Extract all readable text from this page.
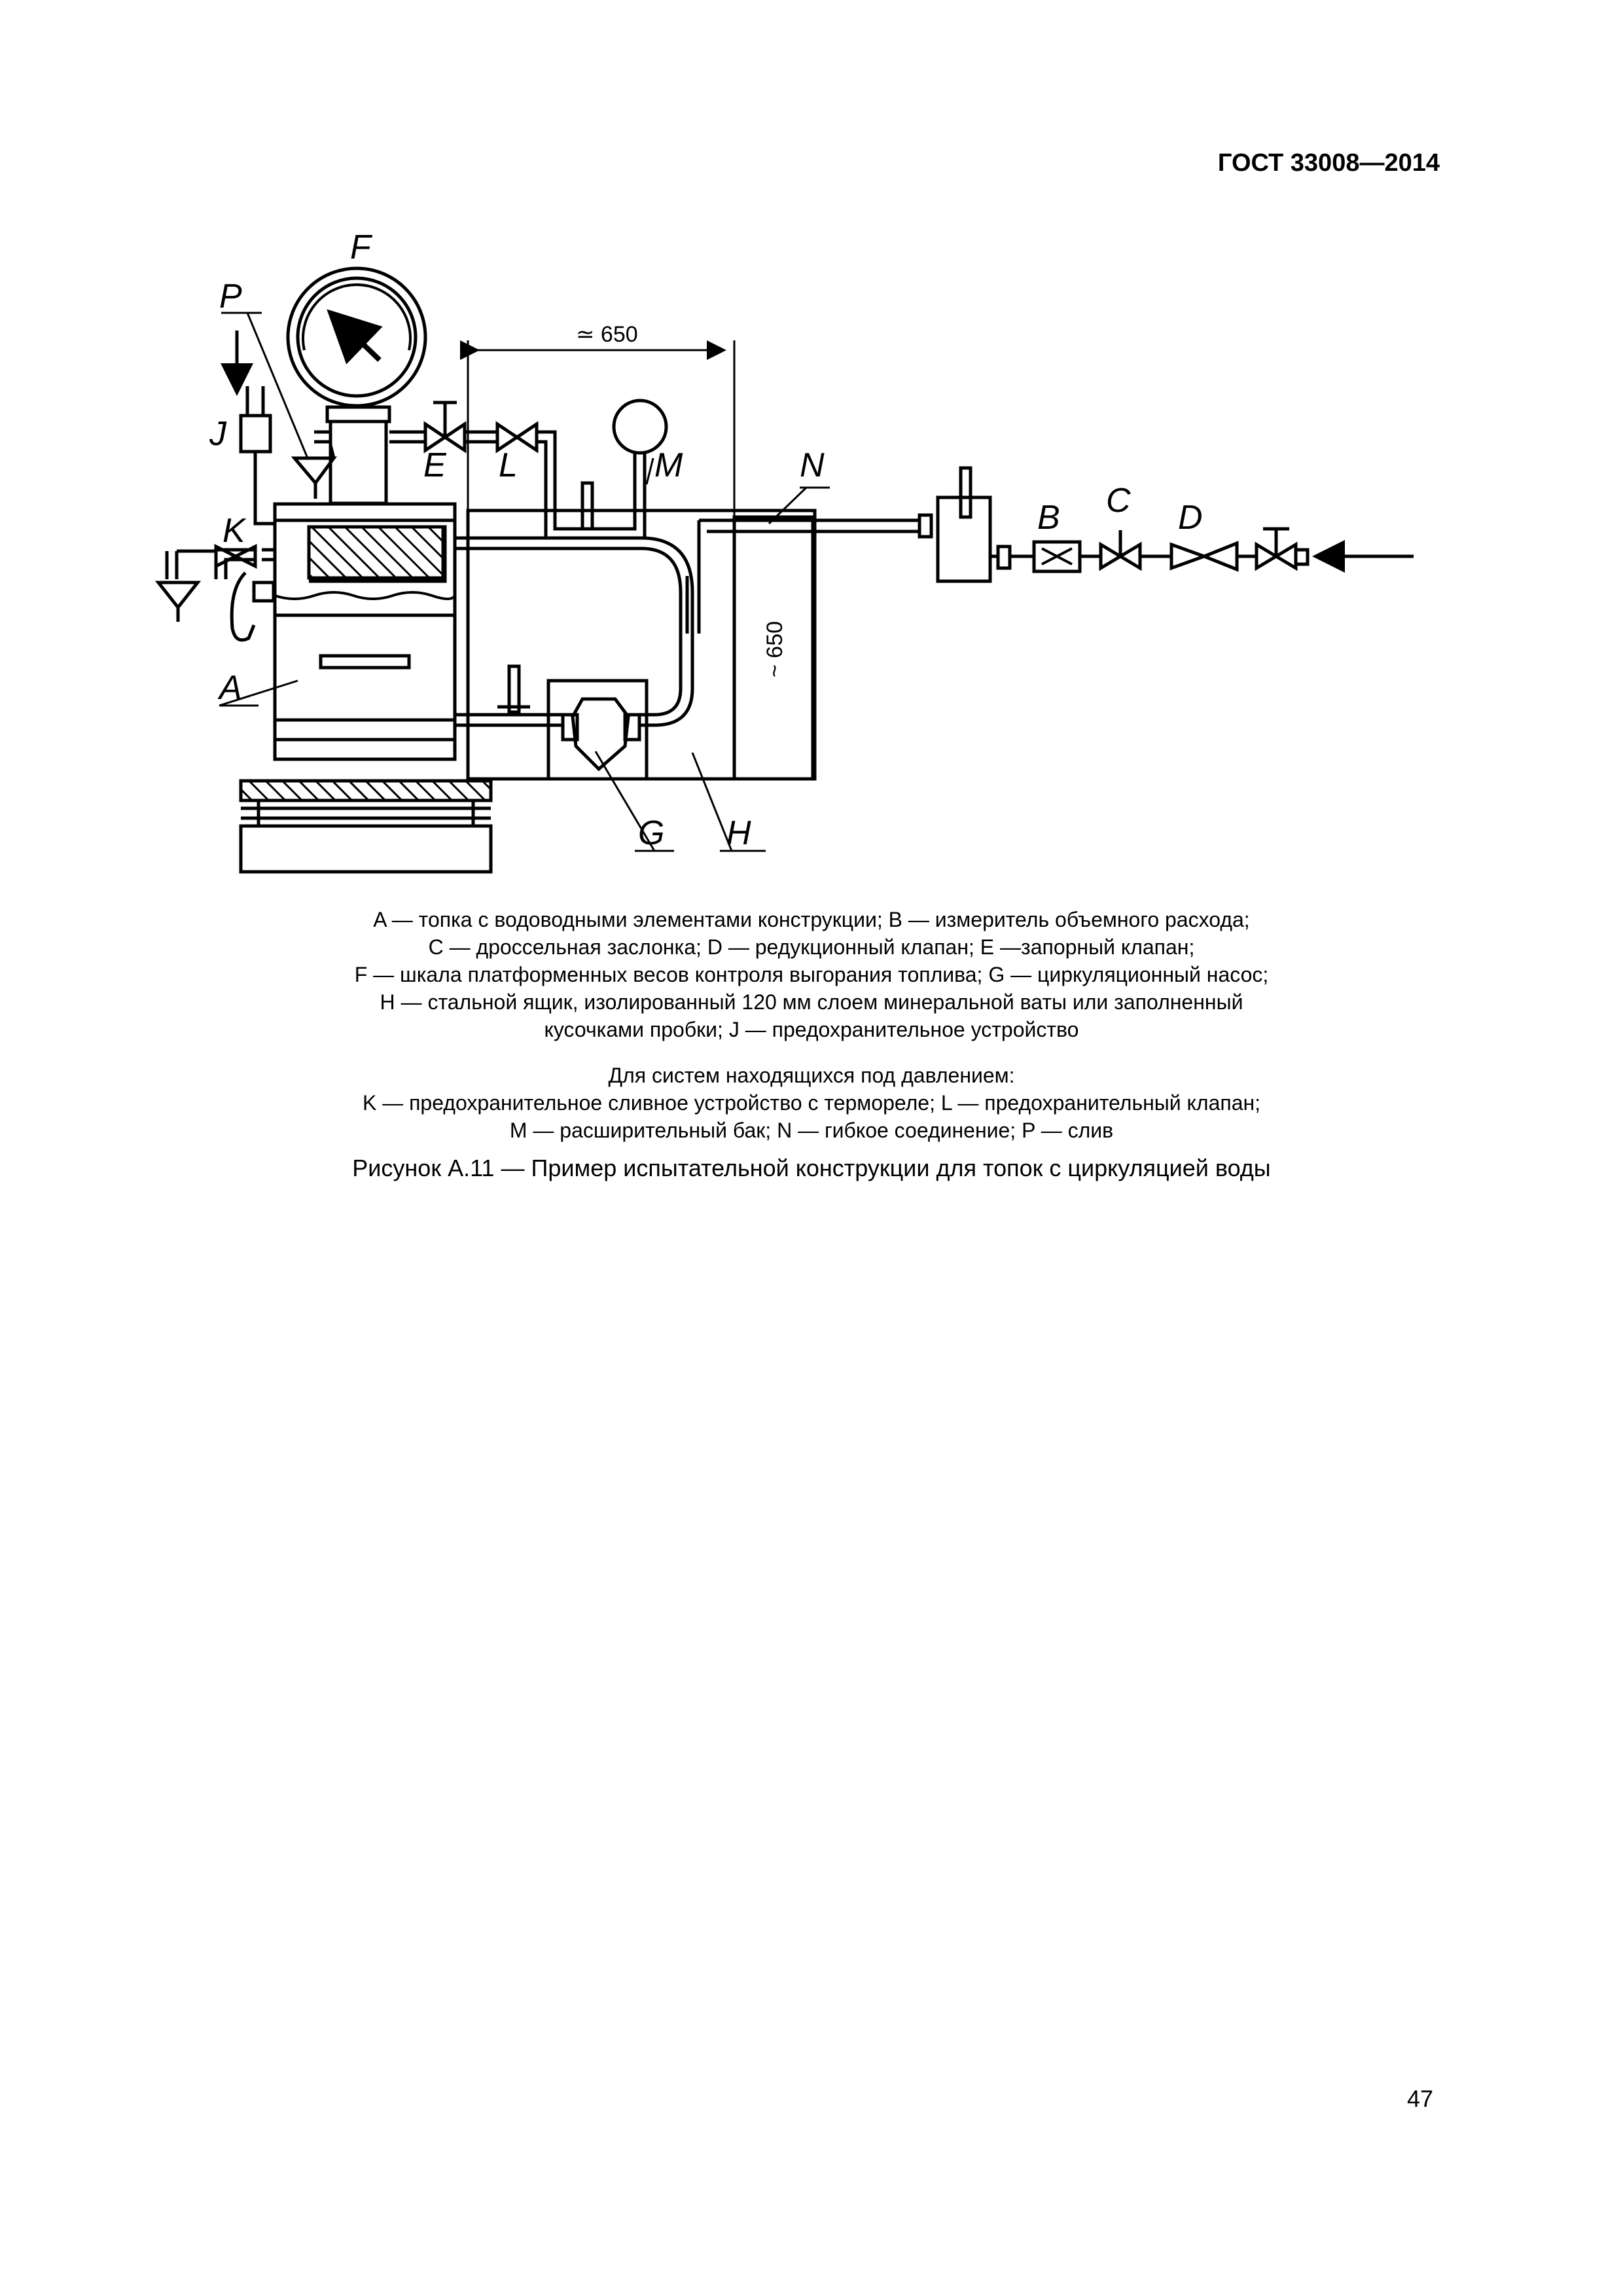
ГОСТ 33008—2014
F
P
J
K
E L	M	N
A
G H
B C D
≃ 650
~ 650

A — топка с водоводными элементами конструкции; B — измеритель объемного расхода;

C — дроссельная заслонка; D — редукционный клапан; E —запорный клапан;

F — шкала платформенных весов контроля выгорания топлива; G — циркуляционный насос;

H — стальной ящик, изолированный 120 мм слоем минеральной ваты или заполненный

кусочками пробки; J — предохранительное устройство

Для систем находящихся под давлением:

K — предохранительное сливное устройство с термореле; L — предохранительный клапан;

M — расширительный бак; N — гибкое соединение; P — слив

Рисунок А.11 — Пример испытательной конструкции для топок с циркуляцией воды
47
